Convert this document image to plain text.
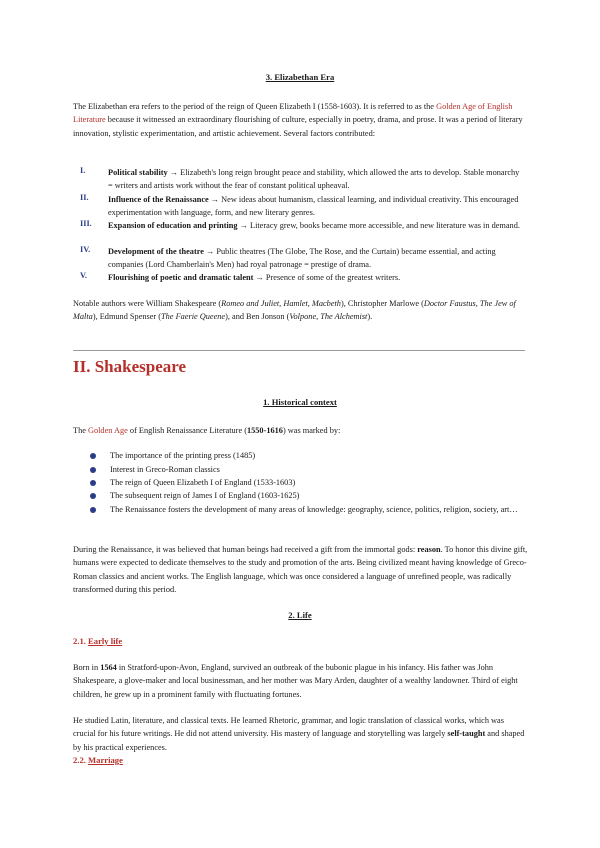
3. Elizabethan Era

The Elizabethan era refers to the period of the reign of Queen Elizabeth I (1558-1603). It is referred to as the Golden Age of English Literature because it witnessed an extraordinary flourishing of culture, especially in poetry, drama, and prose. It was a period of literary innovation, stylistic experimentation, and artistic achievement. Several factors contributed:

I.	Political stability → Elizabeth's long reign brought peace and stability, which allowed the arts to develop. Stable monarchy = writers and artists work without the fear of constant political upheaval.

II.	Influence of the Renaissance → New ideas about humanism, classical learning, and individual creativity. This encouraged experimentation with language, form, and new literary genres.

III.	Expansion of education and printing → Literacy grew, books became more accessible, and new literature was in demand.

IV.	Development of the theatre → Public theatres (The Globe, The Rose, and the Curtain) became essential, and acting companies (Lord Chamberlain's Men) had royal patronage = prestige of drama.

V.	Flourishing of poetic and dramatic talent → Presence of some of the greatest writers.

Notable authors were William Shakespeare (Romeo and Juliet, Hamlet, Macbeth), Christopher Marlowe (Doctor Faustus, The Jew of Malta), Edmund Spenser (The Faerie Queene), and Ben Jonson (Volpone, The Alchemist).

II. Shakespeare
1. Historical context

The Golden Age of English Renaissance Literature (1550-1616) was marked by:

The importance of the printing press (1485)

Interest in Greco-Roman classics

The reign of Queen Elizabeth I of England (1533-1603)

The subsequent reign of James I of England (1603-1625)

The Renaissance fosters the development of many areas of knowledge: geography, science, politics, religion, society, art…

During the Renaissance, it was believed that human beings had received a gift from the immortal gods: reason. To honor this divine gift, humans were expected to dedicate themselves to the study and promotion of the arts. Being civilized meant having knowledge of Greco-Roman classics and ancient works. The English language, which was once considered a language of unrefined people, was radically transformed during this period.

2. Life
2.1. Early life

Born in 1564 in Stratford-upon-Avon, England, survived an outbreak of the bubonic plague in his infancy. His father was John Shakespeare, a glove-maker and local businessman, and her mother was Mary Arden, daughter of a wealthy landowner. Third of eight children, he grew up in a prominent family with fluctuating fortunes.

He studied Latin, literature, and classical texts. He learned Rhetoric, grammar, and logic translation of classical works, which was crucial for his future writings. He did not attend university. His mastery of language and storytelling was largely self-taught and shaped by his practical experiences.

2.2. Marriage
